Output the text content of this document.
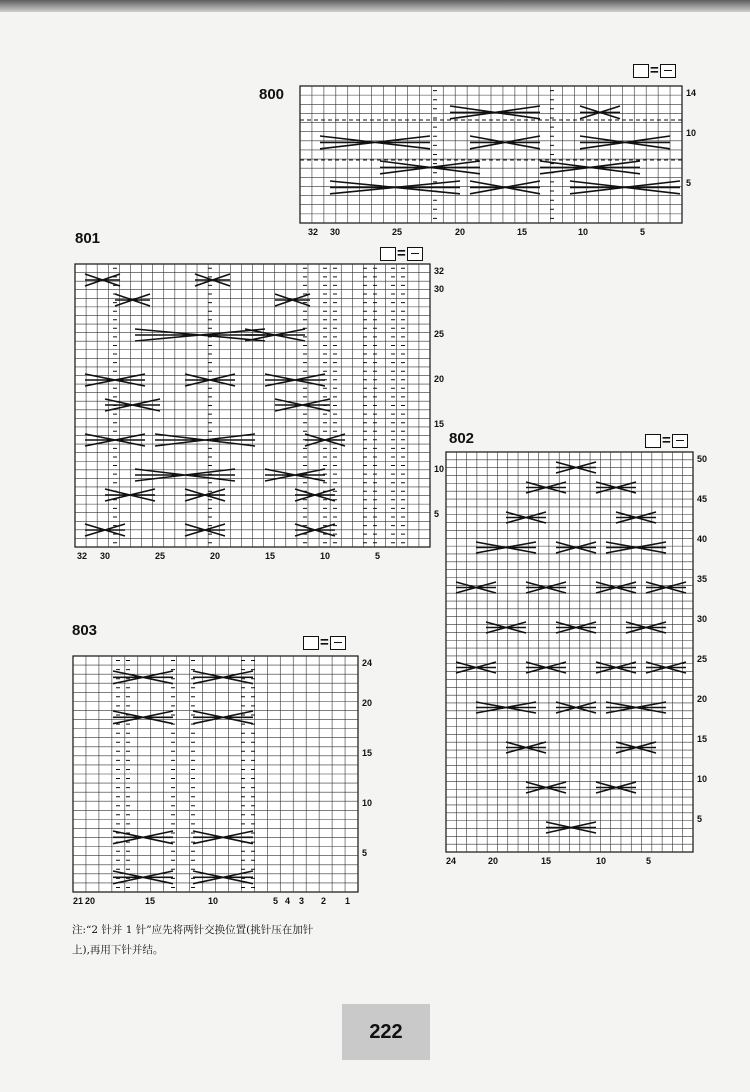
800
=
32 30	25	20	15	10	5
14
10
5
801
=
32 30	25	20	15	10	5
32
30
25
20
15
10
5
802	=
24	20	15	10	5
50
45
40
35
30
25
20
15
10
5
803
=
21 20	15	10	5 4 3 2 1
24
20
15
10
5

注:“2 针并 1 针”应先将两针交换位置(挑针压在加针
上),再用下针并结。

222
